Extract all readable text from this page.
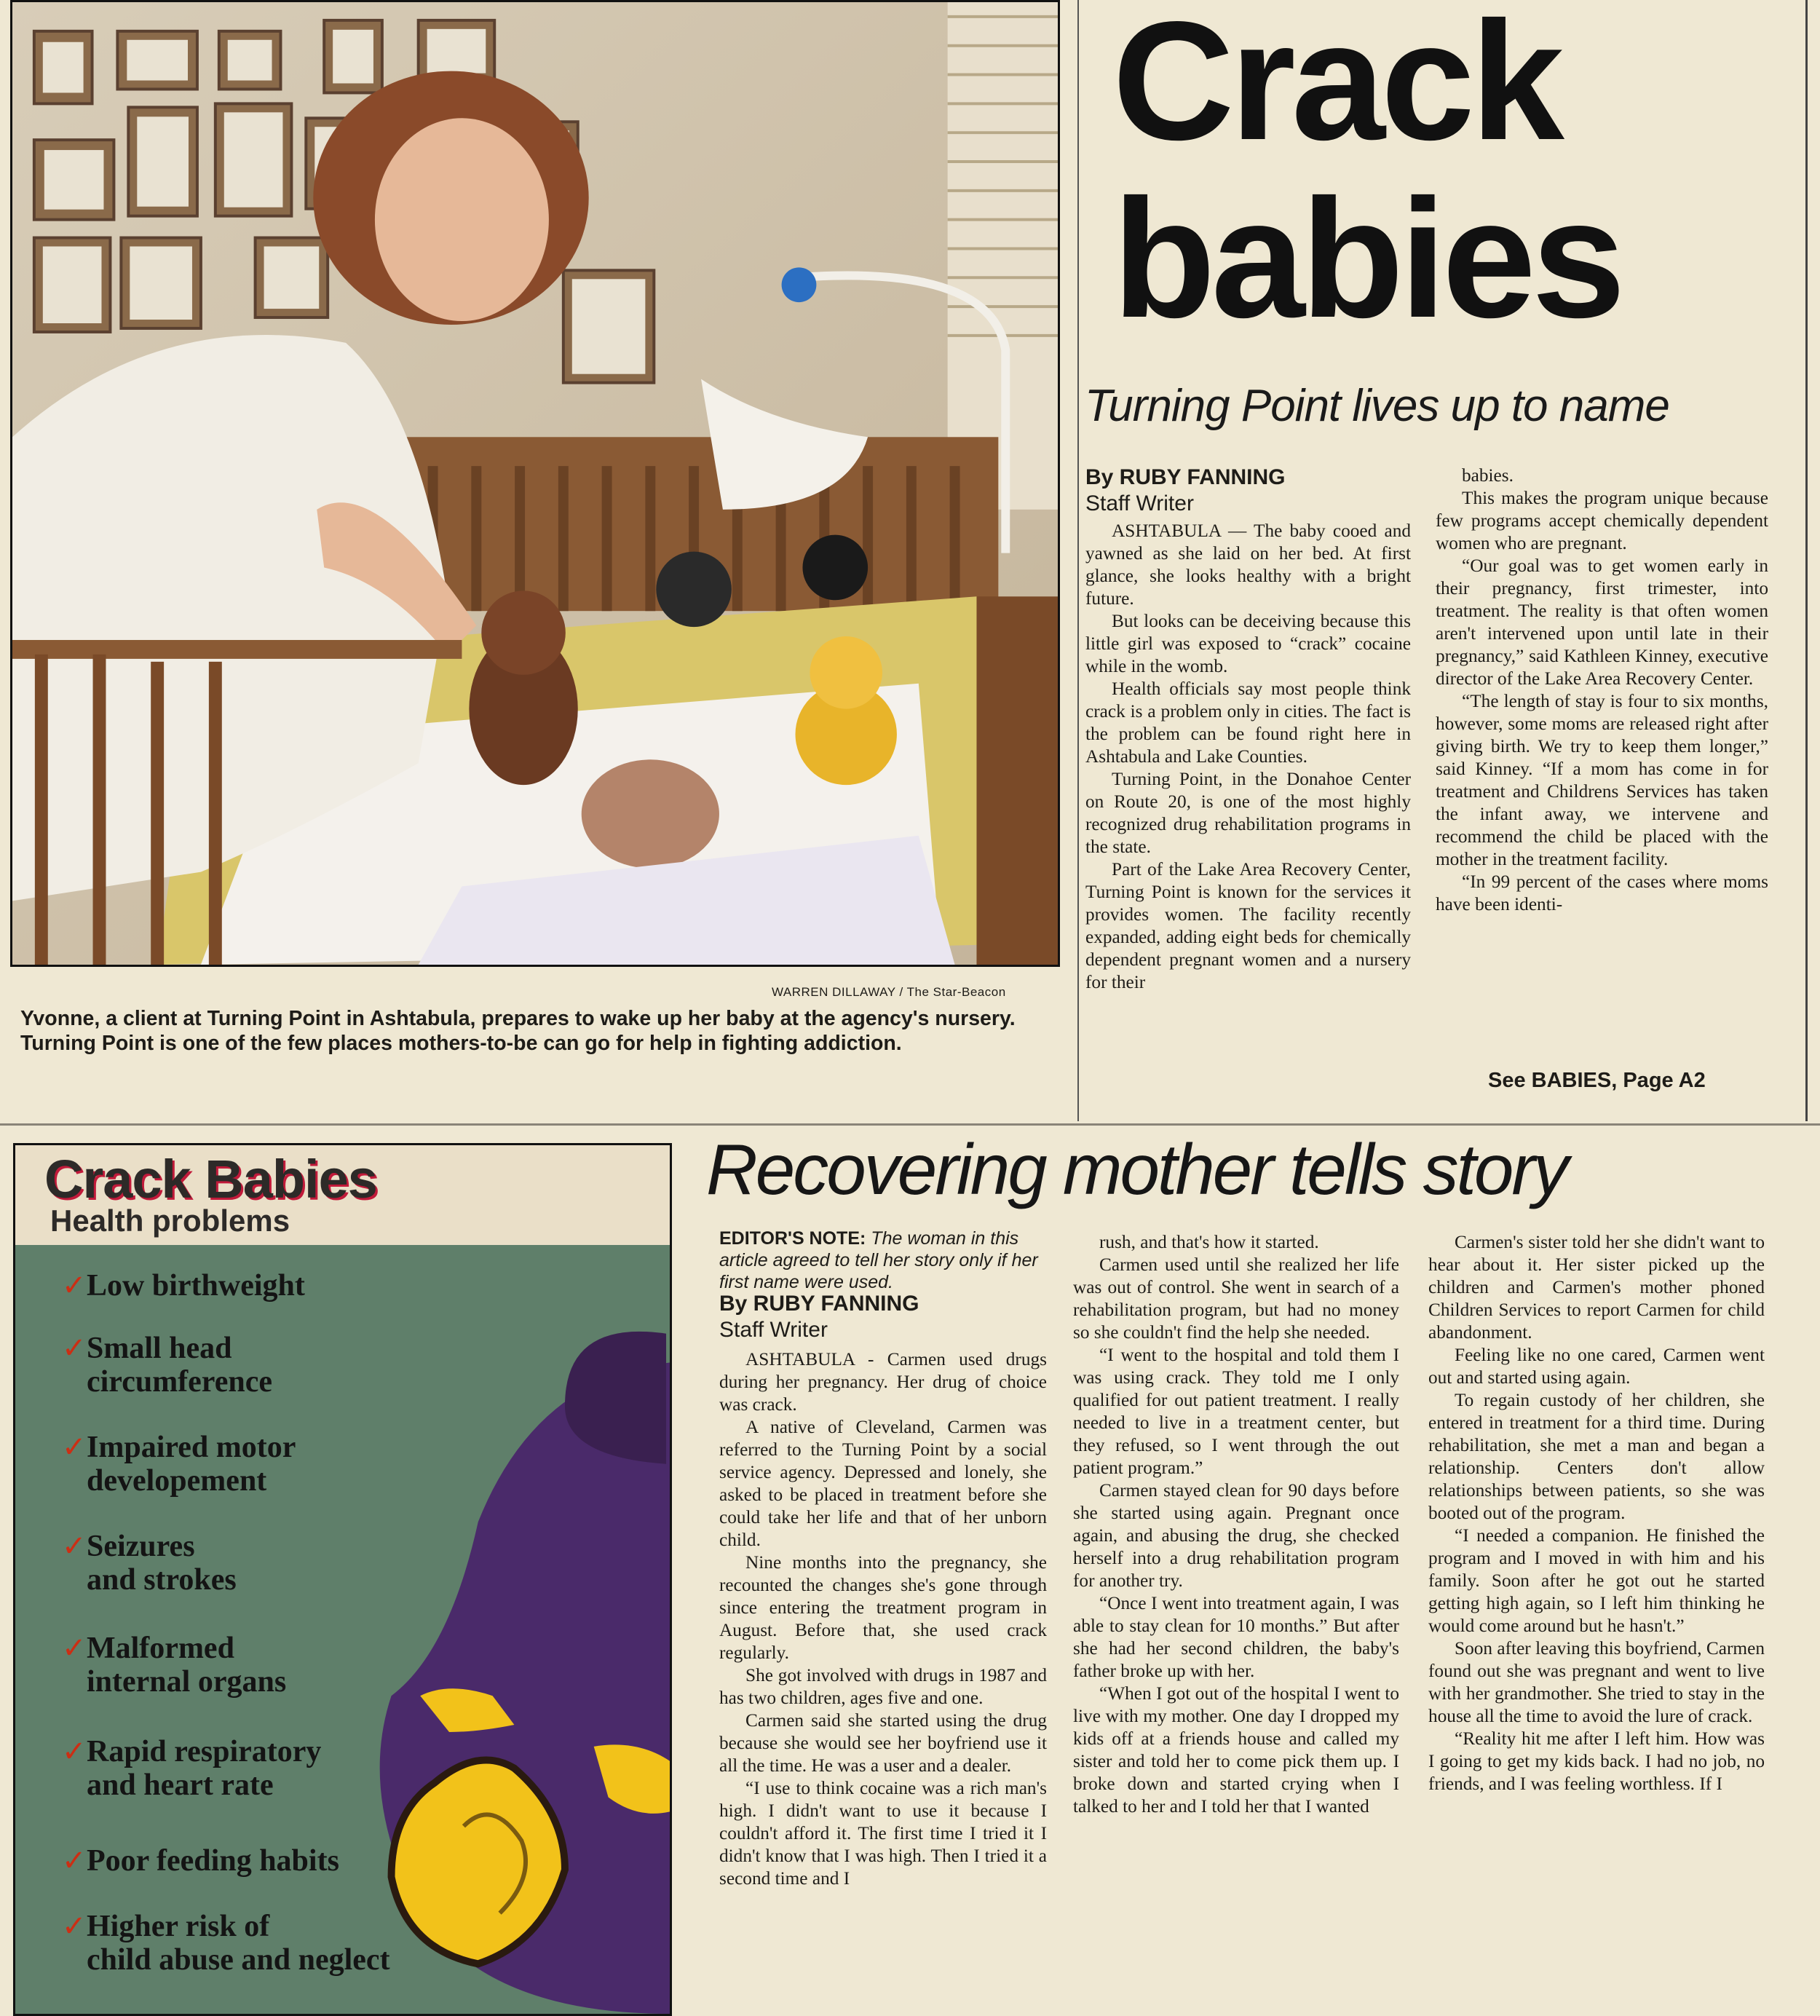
WARREN DILLAWAY / The Star-Beacon
Yvonne, a client at Turning Point in Ashtabula, prepares to wake up her baby at the agency's nursery. Turning Point is one of the few places mothers-to-be can go for help in fighting addiction.
Crack
babies
Turning Point lives up to name
By RUBY FANNING
Staff Writer

ASHTABULA — The baby cooed and yawned as she laid on her bed. At first glance, she looks healthy with a bright future.

But looks can be deceiving because this little girl was exposed to “crack” cocaine while in the womb.

Health officials say most people think crack is a problem only in cities. The fact is the problem can be found right here in Ashtabula and Lake Counties.

Turning Point, in the Donahoe Center on Route 20, is one of the most highly recognized drug rehabilitation programs in the state.

Part of the Lake Area Recovery Center, Turning Point is known for the services it provides women. The facility recently expanded, adding eight beds for chemically dependent pregnant women and a nursery for their

babies.

This makes the program unique because few programs accept chemically dependent women who are pregnant.

“Our goal was to get women early in their pregnancy, first trimester, into treatment. The reality is that often women aren't intervened upon until late in their pregnancy,” said Kathleen Kinney, executive director of the Lake Area Recovery Center.

“The length of stay is four to six months, however, some moms are released right after giving birth. We try to keep them longer,” said Kinney. “If a mom has come in for treatment and Childrens Services has taken the infant away, we intervene and recommend the child be placed with the mother in the treatment facility.

“In 99 percent of the cases where moms have been identi-

See BABIES, Page A2
Crack Babies
Health problems
✓ Low birthweight
✓ Small head
circumference
✓ Impaired motor
developement
✓ Seizures
and strokes
✓ Malformed
internal organs
✓ Rapid respiratory
and heart rate
✓ Poor feeding habits
✓ Higher risk of
child abuse and neglect
Recovering mother tells story
EDITOR'S NOTE: The woman in this article agreed to tell her story only if her first name were used.
By RUBY FANNING
Staff Writer

ASHTABULA - Carmen used drugs during her pregnancy. Her drug of choice was crack.

A native of Cleveland, Carmen was referred to the Turning Point by a social service agency. Depressed and lonely, she asked to be placed in treatment before she could take her life and that of her unborn child.

Nine months into the pregnancy, she recounted the changes she's gone through since entering the treatment program in August. Before that, she used crack regularly.

She got involved with drugs in 1987 and has two children, ages five and one.

Carmen said she started using the drug because she would see her boyfriend use it all the time. He was a user and a dealer.

“I use to think cocaine was a rich man's high. I didn't want to use it because I couldn't afford it. The first time I tried it I didn't know that I was high. Then I tried it a second time and I

rush, and that's how it started.

Carmen used until she realized her life was out of control. She went in search of a rehabilitation program, but had no money so she couldn't find the help she needed.

“I went to the hospital and told them I was using crack. They told me I only qualified for out patient treatment. I really needed to live in a treatment center, but they refused, so I went through the out patient program.”

Carmen stayed clean for 90 days before she started using again. Pregnant once again, and abusing the drug, she checked herself into a drug rehabilitation program for another try.

“Once I went into treatment again, I was able to stay clean for 10 months.” But after she had her second children, the baby's father broke up with her.

“When I got out of the hospital I went to live with my mother. One day I dropped my kids off at a friends house and called my sister and told her to come pick them up. I broke down and started crying when I talked to her and I told her that I wanted

Carmen's sister told her she didn't want to hear about it. Her sister picked up the children and Carmen's mother phoned Children Services to report Carmen for child abandonment.

Feeling like no one cared, Carmen went out and started using again.

To regain custody of her children, she entered in treatment for a third time. During rehabilitation, she met a man and began a relationship. Centers don't allow relationships between patients, so she was booted out of the program.

“I needed a companion. He finished the program and I moved in with him and his family. Soon after he got out he started getting high again, so I left him thinking he would come around but he hasn't.”

Soon after leaving this boyfriend, Carmen found out she was pregnant and went to live with her grandmother. She tried to stay in the house all the time to avoid the lure of crack.

“Reality hit me after I left him. How was I going to get my kids back. I had no job, no friends, and I was feeling worthless. If I
